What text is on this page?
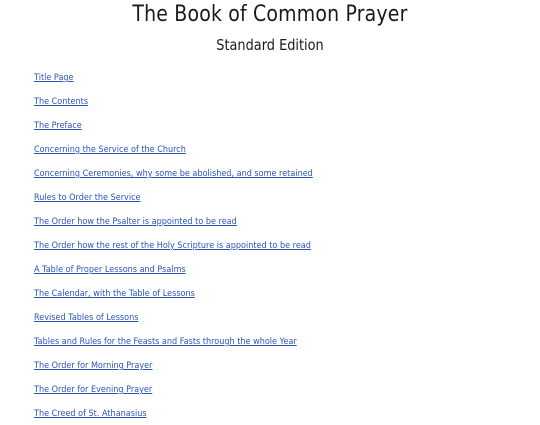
The Book of Common Prayer
Standard Edition
Title Page
The Contents
The Preface
Concerning the Service of the Church
Concerning Ceremonies, why some be abolished, and some retained
Rules to Order the Service
The Order how the Psalter is appointed to be read
The Order how the rest of the Holy Scripture is appointed to be read
A Table of Proper Lessons and Psalms
The Calendar, with the Table of Lessons
Revised Tables of Lessons
Tables and Rules for the Feasts and Fasts through the whole Year
The Order for Morning Prayer
The Order for Evening Prayer
The Creed of St. Athanasius
